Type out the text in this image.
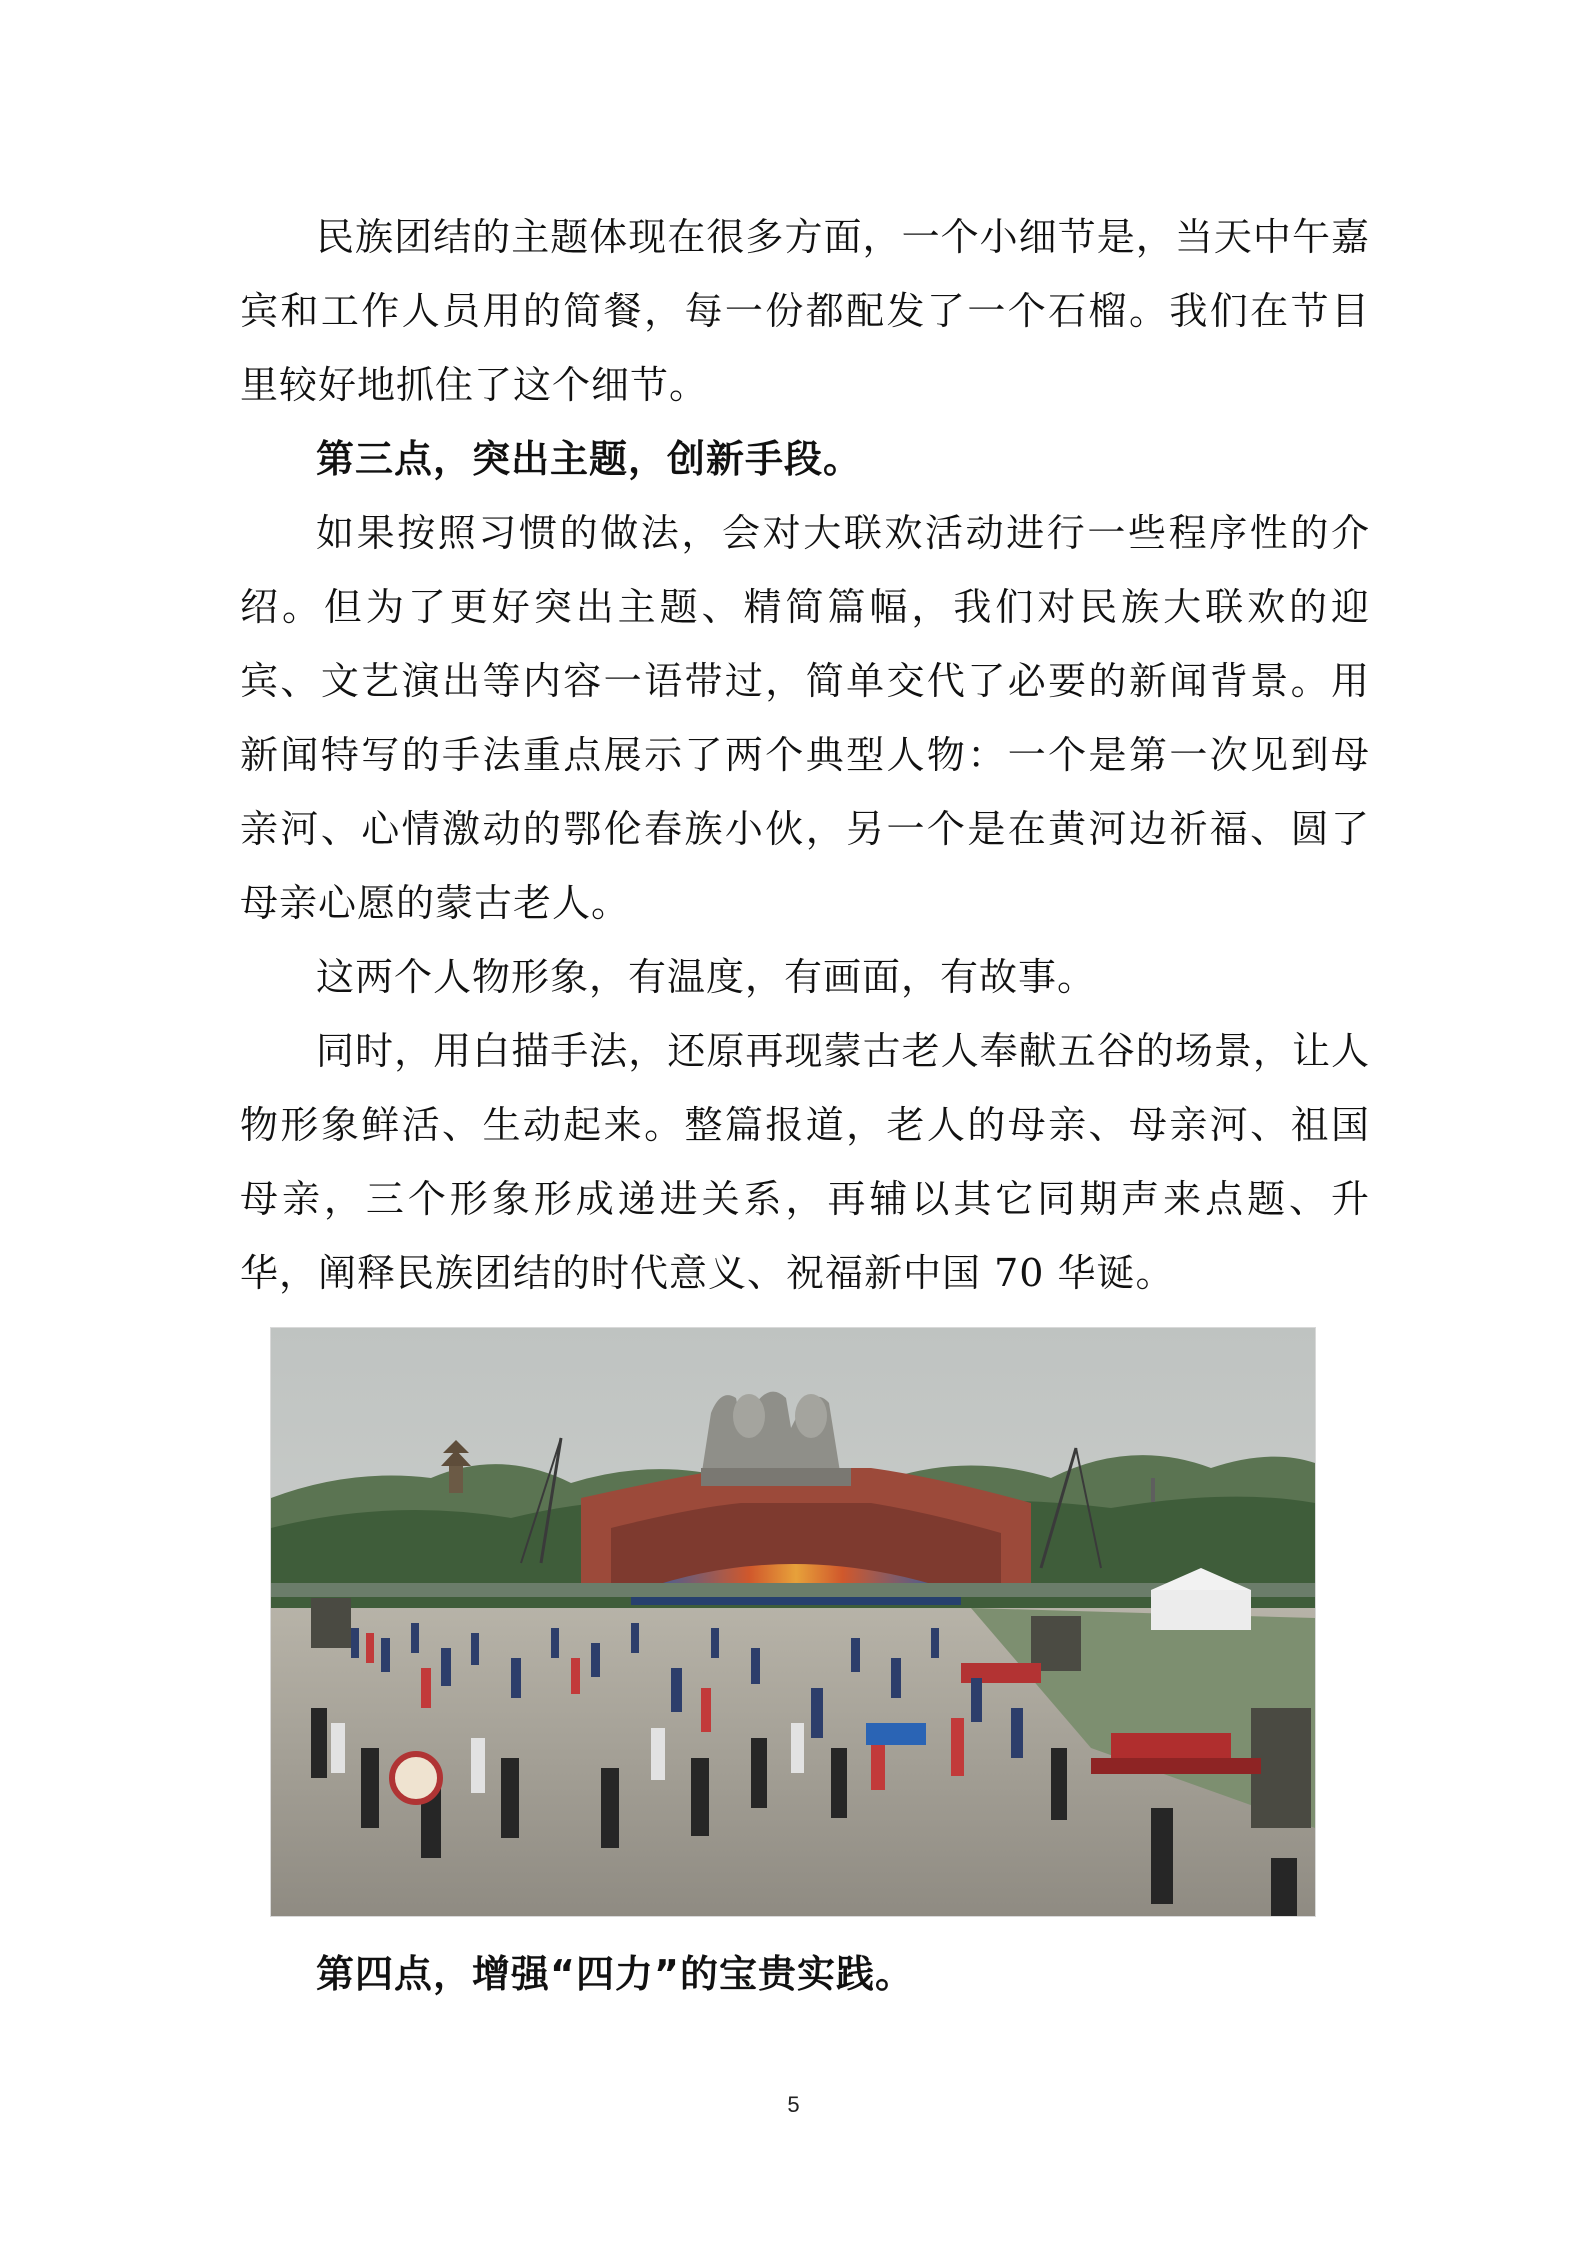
民族团结的主题体现在很多方面，一个小细节是，当天中午嘉宾和工作人员用的简餐，每一份都配发了一个石榴。我们在节目里较好地抓住了这个细节。

第三点，突出主题，创新手段。

如果按照习惯的做法，会对大联欢活动进行一些程序性的介绍。但为了更好突出主题、精简篇幅，我们对民族大联欢的迎宾、文艺演出等内容一语带过，简单交代了必要的新闻背景。用新闻特写的手法重点展示了两个典型人物：一个是第一次见到母亲河、心情激动的鄂伦春族小伙，另一个是在黄河边祈福、圆了母亲心愿的蒙古老人。

这两个人物形象，有温度，有画面，有故事。

同时，用白描手法，还原再现蒙古老人奉献五谷的场景，让人物形象鲜活、生动起来。整篇报道，老人的母亲、母亲河、祖国母亲，三个形象形成递进关系，再辅以其它同期声来点题、升华，阐释民族团结的时代意义、祝福新中国 70 华诞。

第四点，增强“四力”的宝贵实践。

5
